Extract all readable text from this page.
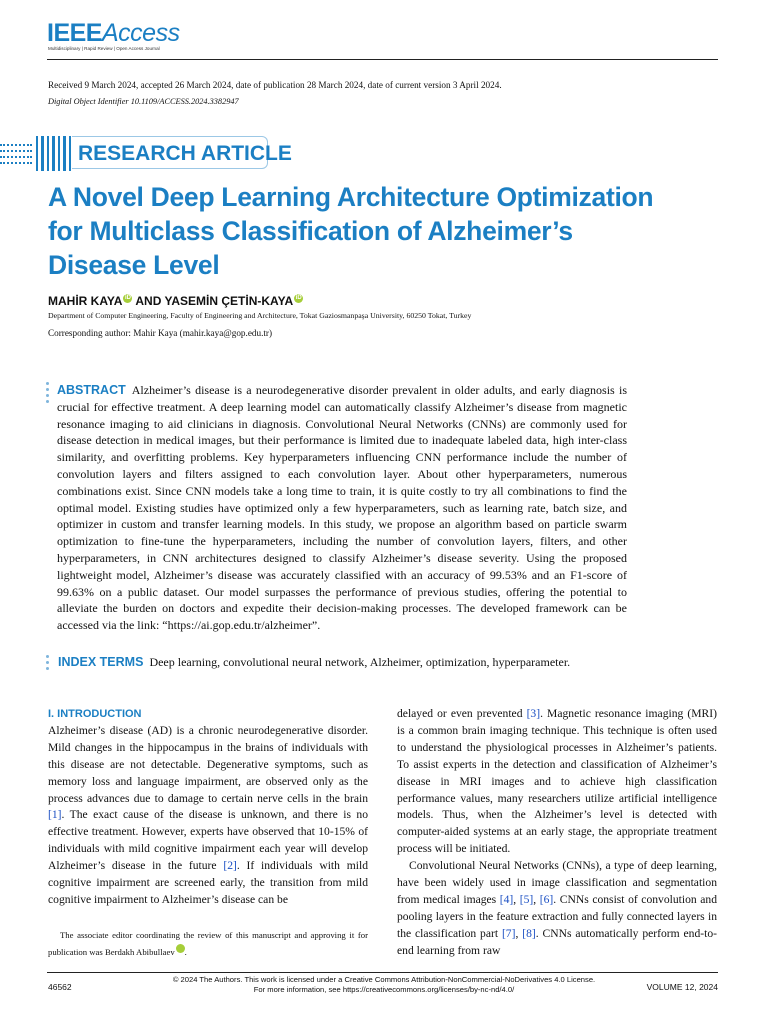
IEEEAccess
Multidisciplinary | Rapid Review | Open Access Journal
Received 9 March 2024, accepted 26 March 2024, date of publication 28 March 2024, date of current version 3 April 2024.
Digital Object Identifier 10.1109/ACCESS.2024.3382947
RESEARCH ARTICLE
A Novel Deep Learning Architecture Optimization for Multiclass Classification of Alzheimer’s Disease Level
MAHİR KAYA iD AND YASEMİN ÇETİN-KAYA iD
Department of Computer Engineering, Faculty of Engineering and Architecture, Tokat Gaziosmanpaşa University, 60250 Tokat, Turkey
Corresponding author: Mahir Kaya (mahir.kaya@gop.edu.tr)
ABSTRACT Alzheimer’s disease is a neurodegenerative disorder prevalent in older adults, and early diagnosis is crucial for effective treatment. A deep learning model can automatically classify Alzheimer’s disease from magnetic resonance imaging to aid clinicians in diagnosis. Convolutional Neural Networks (CNNs) are commonly used for disease detection in medical images, but their performance is limited due to inadequate labeled data, high inter-class similarity, and overfitting problems. Key hyperparameters influencing CNN performance include the number of convolution layers and filters assigned to each convolution layer. About other hyperparameters, numerous combinations exist. Since CNN models take a long time to train, it is quite costly to try all combinations to find the optimal model. Existing studies have optimized only a few hyperparameters, such as learning rate, batch size, and optimizer in custom and transfer learning models. In this study, we propose an algorithm based on particle swarm optimization to fine-tune the hyperparameters, including the number of convolution layers, filters, and other hyperparameters, in CNN architectures designed to classify Alzheimer’s disease severity. Using the proposed lightweight model, Alzheimer’s disease was accurately classified with an accuracy of 99.53% and an F1-score of 99.63% on a public dataset. Our model surpasses the performance of previous studies, offering the potential to alleviate the burden on doctors and expedite their decision-making processes. The developed framework can be accessed via the link: “https://ai.gop.edu.tr/alzheimer”.
INDEX TERMS Deep learning, convolutional neural network, Alzheimer, optimization, hyperparameter.
I. INTRODUCTION
Alzheimer’s disease (AD) is a chronic neurodegenerative disorder. Mild changes in the hippocampus in the brains of individuals with this disease are not detectable. Degenerative symptoms, such as memory loss and language impairment, are observed only as the process advances due to damage to certain nerve cells in the brain [1]. The exact cause of the disease is unknown, and there is no effective treatment. However, experts have observed that 10-15% of individuals with mild cognitive impairment each year will develop Alzheimer’s disease in the future [2]. If individuals with mild cognitive impairment are screened early, the transition from mild cognitive impairment to Alzheimer’s disease can be
delayed or even prevented [3]. Magnetic resonance imaging (MRI) is a common brain imaging technique. This technique is often used to understand the physiological processes in Alzheimer’s patients. To assist experts in the detection and classification of Alzheimer’s disease in MRI images and to achieve high classification performance values, many researchers utilize artificial intelligence models. Thus, when the Alzheimer’s level is detected with computer-aided systems at an early stage, the appropriate treatment process will be initiated.
Convolutional Neural Networks (CNNs), a type of deep learning, have been widely used in image classification and segmentation from medical images [4], [5], [6]. CNNs consist of convolution and pooling layers in the feature extraction and fully connected layers in the classification part [7], [8]. CNNs automatically perform end-to-end learning from raw
The associate editor coordinating the review of this manuscript and approving it for publication was Berdakh Abibullaev iD.
© 2024 The Authors. This work is licensed under a Creative Commons Attribution-NonCommercial-NoDerivatives 4.0 License.
For more information, see https://creativecommons.org/licenses/by-nc-nd/4.0/
46562	VOLUME 12, 2024
